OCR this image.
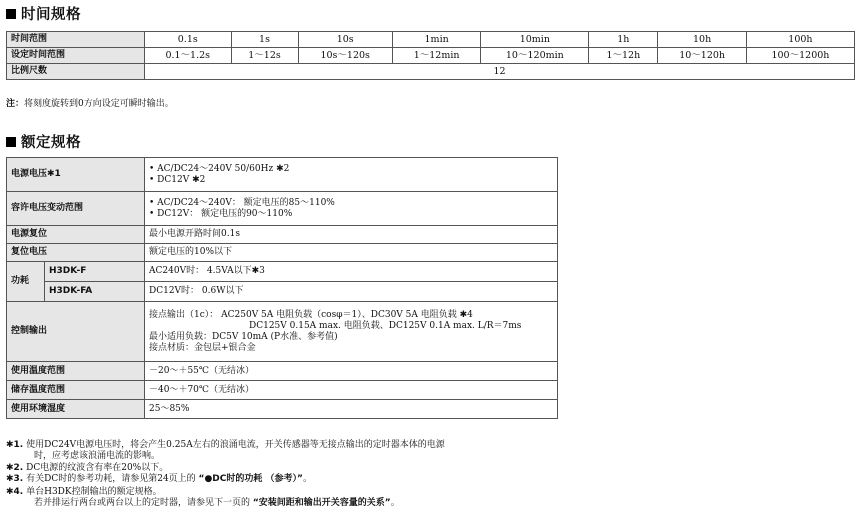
时间规格
时间范围	0.1s	1s	10s	1min	10min	1h	10h	100h
设定时间范围	0.1～1.2s	1～12s	10s～120s	1～12min	10～120min	1～12h	10～120h	100～1200h
比例尺数	12							
注：将刻度旋转到0方向设定可瞬时输出。
额定规格
电源电压✱1		• AC/DC24～240V 50/60Hz ✱2
• DC12V ✱2

容许电压变动范围		• AC/DC24～240V： 额定电压的85～110%
• DC12V： 额定电压的90～110%

电源复位		最小电源开路时间0.1s
复位电压		额定电压的10%以下
功耗	H3DK-F	AC240V时： 4.5VA以下✱3
	H3DK-FA	DC12V时： 0.6W以下
控制输出		接点输出（1c）： AC250V 5A 电阻负载（cosφ＝1）、DC30V 5A 电阻负载 ✱4
DC125V 0.15A max. 电阻负载、DC125V 0.1A max. L/R＝7ms
最小适用负载：DC5V 10mA (P水准、参考值)
接点材质：金包层+银合金

使用温度范围		－20～＋55℃（无结冰）
储存温度范围		－40～＋70℃（无结冰）
使用环境湿度		25～85%
✱1. 使用DC24V电源电压时，将会产生0.25A左右的浪涌电流，开关传感器等无接点输出的定时器本体的电源
时，应考虑该浪涌电流的影响。
✱2. DC电源的纹波含有率在20%以下。
✱3. 有关DC时的参考功耗，请参见第24页上的 “●DC时的功耗 （参考）”。
✱4. 单台H3DK控制输出的额定规格。
若并排运行两台或两台以上的定时器，请参见下一页的 “安装间距和输出开关容量的关系”。
